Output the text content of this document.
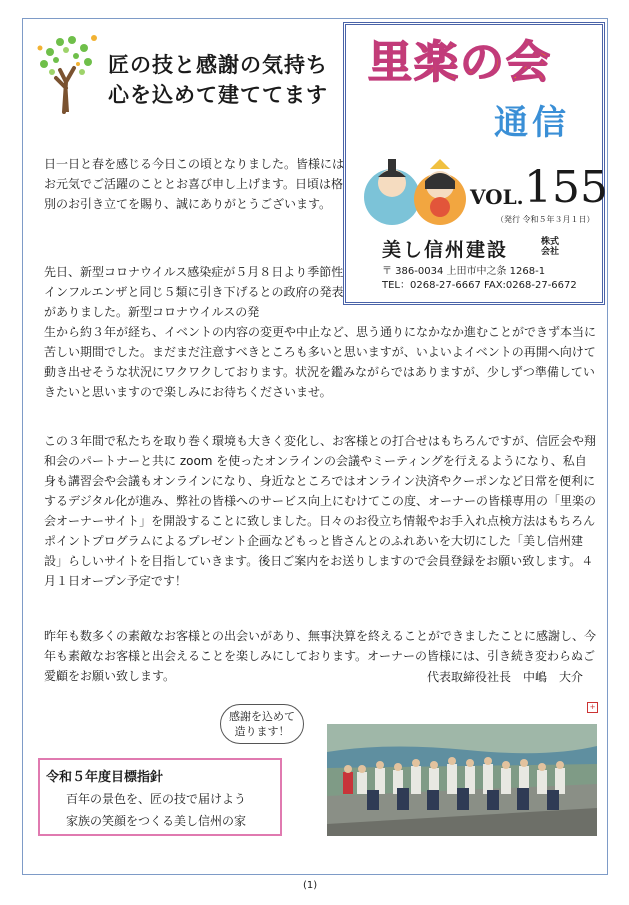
匠の技と感謝の気持ち
心を込めて建ててます
里楽の会
通信
VOL. 155
（発行 令和５年３月１日）
美し信州建設	株式会社
〒 386-0034 上田市中之条 1268-1
TEL：0268-27-6667 FAX:0268-27-6672
日一日と春を感じる今日この頃となりました。皆様にはお元気でご活躍のこととお喜び申し上げます。日頃は格別のお引き立てを賜り、誠にありがとうございます。
先日、新型コロナウイルス感染症が５月８日より季節性インフルエンザと同じ５類に引き下げるとの政府の発表がありました。新型コロナウイルスの発
生から約３年が経ち、イベントの内容の変更や中止など、思う通りになかなか進むことができず本当に苦しい期間でした。まだまだ注意すべきところも多いと思いますが、いよいよイベントの再開へ向けて動き出せそうな状況にワクワクしております。状況を鑑みながらではありますが、少しずつ準備していきたいと思いますので楽しみにお待ちくださいませ。
この３年間で私たちを取り巻く環境も大きく変化し、お客様との打合せはもちろんですが、信匠会や翔和会のパートナーと共に zoom を使ったオンラインの会議やミーティングを行えるようになり、私自身も講習会や会議もオンラインになり、身近なところではオンライン決済やクーポンなど日常を便利にするデジタル化が進み、弊社の皆様へのサービス向上にむけてこの度、オーナーの皆様専用の「里楽の会オーナーサイト」を開設することに致しました。日々のお役立ち情報やお手入れ点検方法はもちろんポイントプログラムによるプレゼント企画などもっと皆さんとのふれあいを大切にした「美し信州建設」らしいサイトを目指していきます。後日ご案内をお送りしますので会員登録をお願い致します。４月１日オープン予定です！
昨年も数多くの素敵なお客様との出会いがあり、無事決算を終えることができましたことに感謝し、今年も素敵なお客様と出会えることを楽しみにしております。オーナーの皆様には、引き続き変わらぬご愛顧をお願い致します。	代表取締役社長　中嶋　大介
感謝を込めて
造ります！
+
令和５年度目標指針
百年の景色を、匠の技で届けよう
家族の笑顔をつくる美し信州の家
(1)
